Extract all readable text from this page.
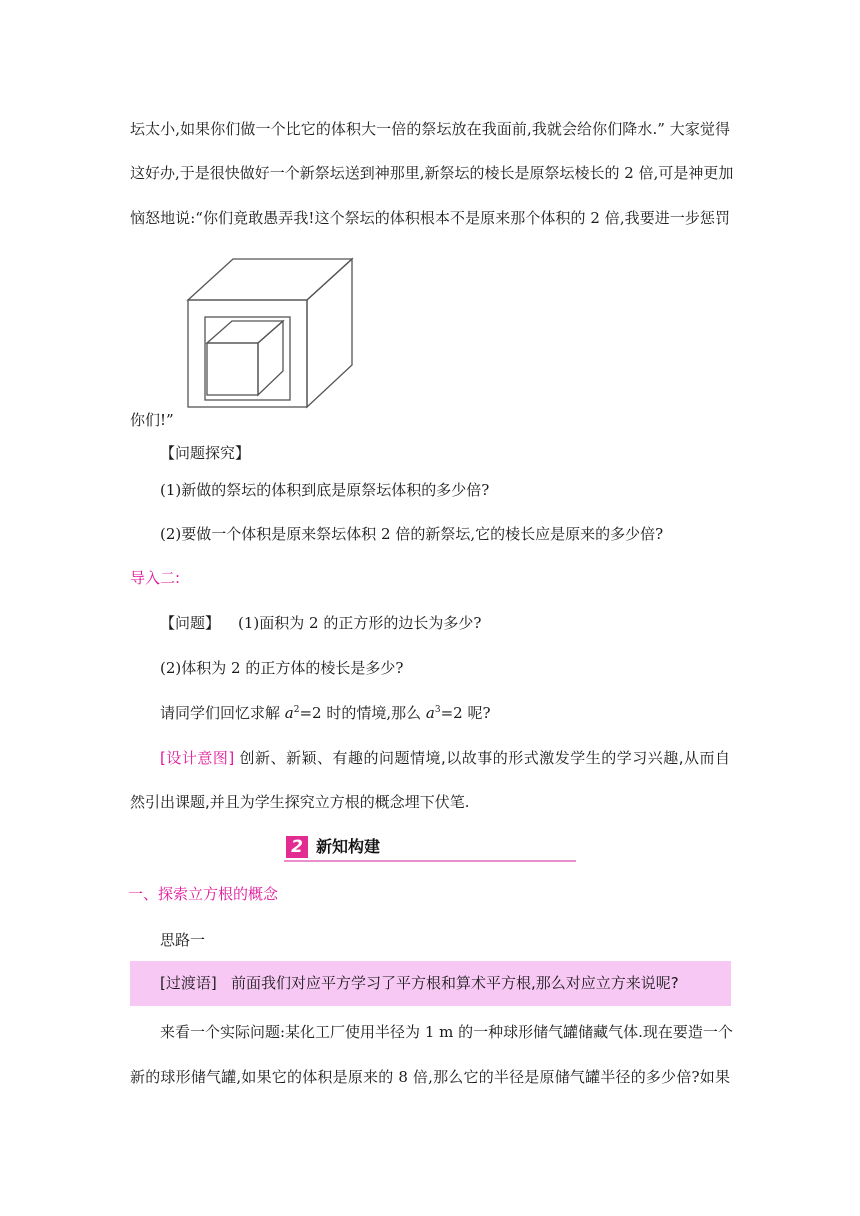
坛太小,如果你们做一个比它的体积大一倍的祭坛放在我面前,我就会给你们降水.” 大家觉得
这好办,于是很快做好一个新祭坛送到神那里,新祭坛的棱长是原祭坛棱长的 2 倍,可是神更加
恼怒地说:“你们竟敢愚弄我!这个祭坛的体积根本不是原来那个体积的 2 倍,我要进一步惩罚
你们!”
【问题探究】
(1)新做的祭坛的体积到底是原祭坛体积的多少倍?
(2)要做一个体积是原来祭坛体积 2 倍的新祭坛,它的棱长应是原来的多少倍?
导入二:
【问题】 (1)面积为 2 的正方形的边长为多少?
(2)体积为 2 的正方体的棱长是多少?
请同学们回忆求解 $a^2=2$ 时的情境,那么 $a^3=2$ 呢?
[设计意图] 创新、新颖、有趣的问题情境,以故事的形式激发学生的学习兴趣,从而自
然引出课题,并且为学生探究立方根的概念埋下伏笔.
2 新知构建
一、探索立方根的概念
思路一
[过渡语] 前面我们对应平方学习了平方根和算术平方根,那么对应立方来说呢?
来看一个实际问题:某化工厂使用半径为 1 m 的一种球形储气罐储藏气体.现在要造一个
新的球形储气罐,如果它的体积是原来的 8 倍,那么它的半径是原储气罐半径的多少倍?如果
